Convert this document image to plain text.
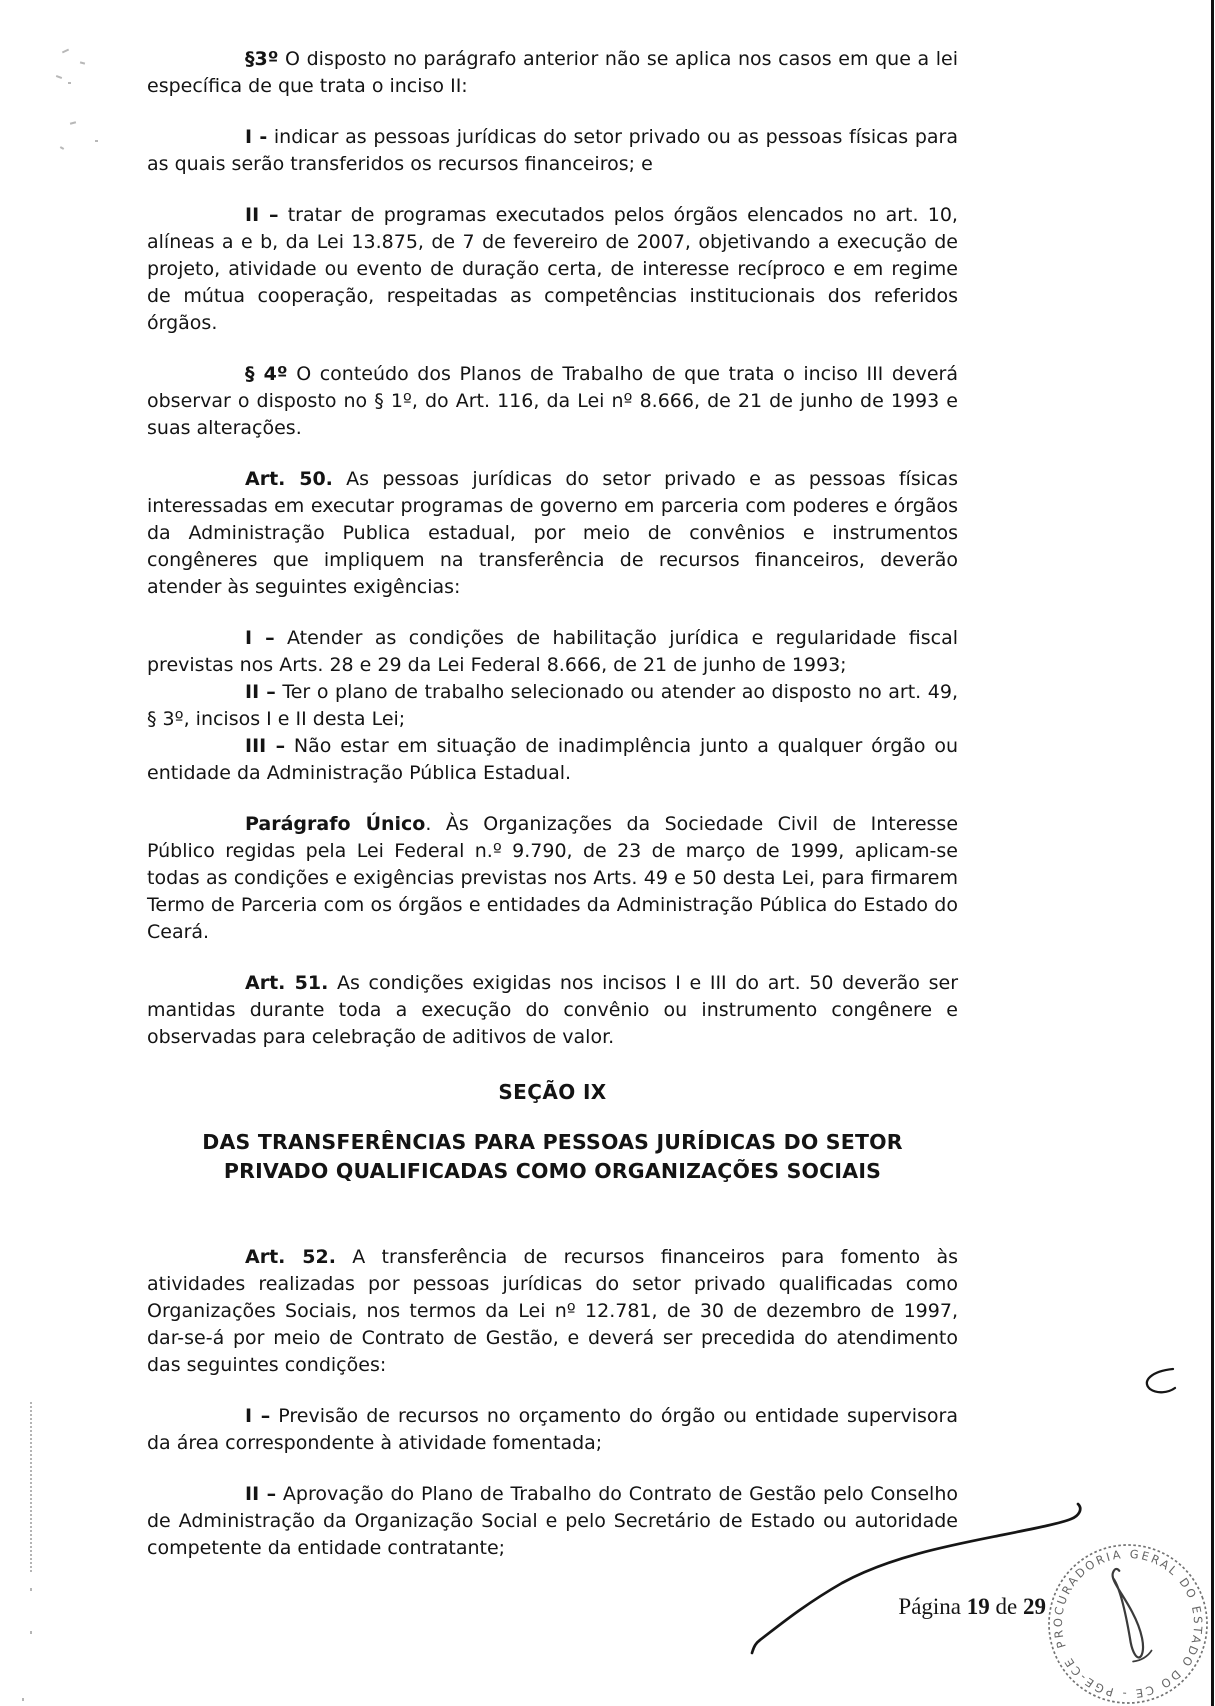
§3º O disposto no parágrafo anterior não se aplica nos casos em que a lei específica de que trata o inciso II:

I - indicar as pessoas jurídicas do setor privado ou as pessoas físicas para as quais serão transferidos os recursos financeiros; e

II – tratar de programas executados pelos órgãos elencados no art. 10, alíneas a e b, da Lei 13.875, de 7 de fevereiro de 2007, objetivando a execução de projeto, atividade ou evento de duração certa, de interesse recíproco e em regime de mútua cooperação, respeitadas as competências institucionais dos referidos órgãos.

§ 4º O conteúdo dos Planos de Trabalho de que trata o inciso III deverá observar o disposto no § 1º, do Art. 116, da Lei nº 8.666, de 21 de junho de 1993 e suas alterações.

Art. 50. As pessoas jurídicas do setor privado e as pessoas físicas interessadas em executar programas de governo em parceria com poderes e órgãos da Administração Publica estadual, por meio de convênios e instrumentos congêneres que impliquem na transferência de recursos financeiros, deverão atender às seguintes exigências:

I – Atender as condições de habilitação jurídica e regularidade fiscal previstas nos Arts. 28 e 29 da Lei Federal 8.666, de 21 de junho de 1993;

II – Ter o plano de trabalho selecionado ou atender ao disposto no art. 49, § 3º, incisos I e II desta Lei;

III – Não estar em situação de inadimplência junto a qualquer órgão ou entidade da Administração Pública Estadual.

Parágrafo Único. Às Organizações da Sociedade Civil de Interesse Público regidas pela Lei Federal n.º 9.790, de 23 de março de 1999, aplicam-se todas as condições e exigências previstas nos Arts. 49 e 50 desta Lei, para firmarem Termo de Parceria com os órgãos e entidades da Administração Pública do Estado do Ceará.

Art. 51. As condições exigidas nos incisos I e III do art. 50 deverão ser mantidas durante toda a execução do convênio ou instrumento congênere e observadas para celebração de aditivos de valor.

SEÇÃO IX
DAS TRANSFERÊNCIAS PARA PESSOAS JURÍDICAS DO SETOR
PRIVADO QUALIFICADAS COMO ORGANIZAÇÕES SOCIAIS

Art. 52. A transferência de recursos financeiros para fomento às atividades realizadas por pessoas jurídicas do setor privado qualificadas como Organizações Sociais, nos termos da Lei nº 12.781, de 30 de dezembro de 1997, dar-se-á por meio de Contrato de Gestão, e deverá ser precedida do atendimento das seguintes condições:

I – Previsão de recursos no orçamento do órgão ou entidade supervisora da área correspondente à atividade fomentada;

II – Aprovação do Plano de Trabalho do Contrato de Gestão pelo Conselho de Administração da Organização Social e pelo Secretário de Estado ou autoridade competente da entidade contratante;

Página 19 de 29
PROCURADORIA GERAL DO ESTADO DO CE - PGE-CE
